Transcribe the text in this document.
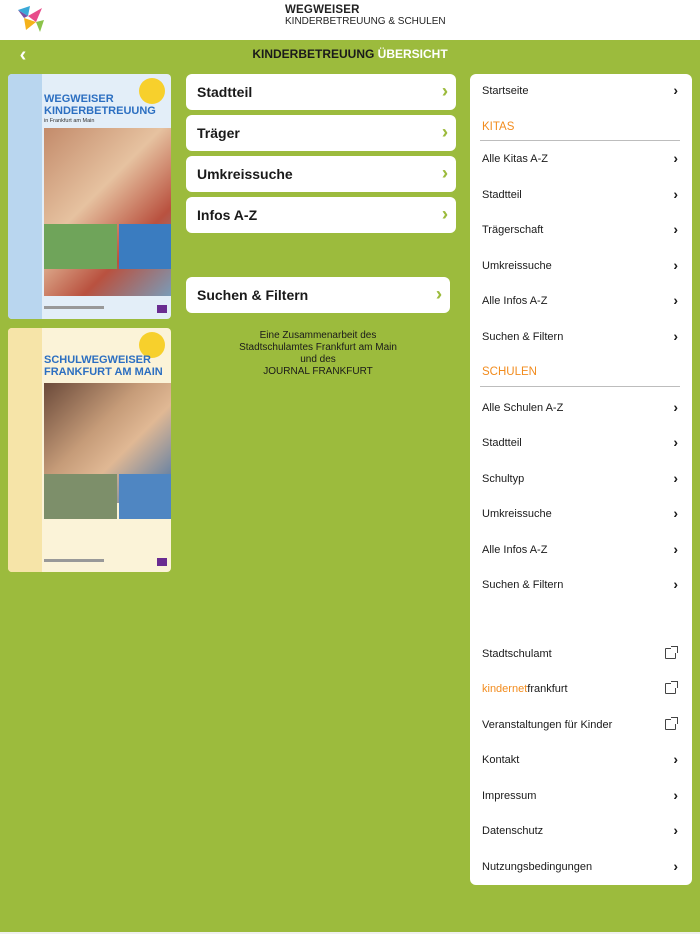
WEGWEISER
KINDERBETREUUNG & SCHULEN
‹	KINDERBETREUUNG ÜBERSICHT
WEGWEISER
KINDERBETREUUNG
in Frankfurt am Main
SCHULWEGWEISER
FRANKFURT AM MAIN
Stadtteil
Träger
Umkreissuche
Infos A-Z
Suchen & Filtern
Eine Zusammenarbeit des
Stadtschulamtes Frankfurt am Main
und des
JOURNAL FRANKFURT
Startseite	›
KITAS
Alle Kitas A-Z	›
Stadtteil	›
Trägerschaft	›
Umkreissuche	›
Alle Infos A-Z	›
Suchen & Filtern	›
SCHULEN
Alle Schulen A-Z	›
Stadtteil	›
Schultyp	›
Umkreissuche	›
Alle Infos A-Z	›
Suchen & Filtern	›
Stadtschulamt
kindernetfrankfurt
Veranstaltungen für Kinder
Kontakt	›
Impressum	›
Datenschutz	›
Nutzungsbedingungen	›
